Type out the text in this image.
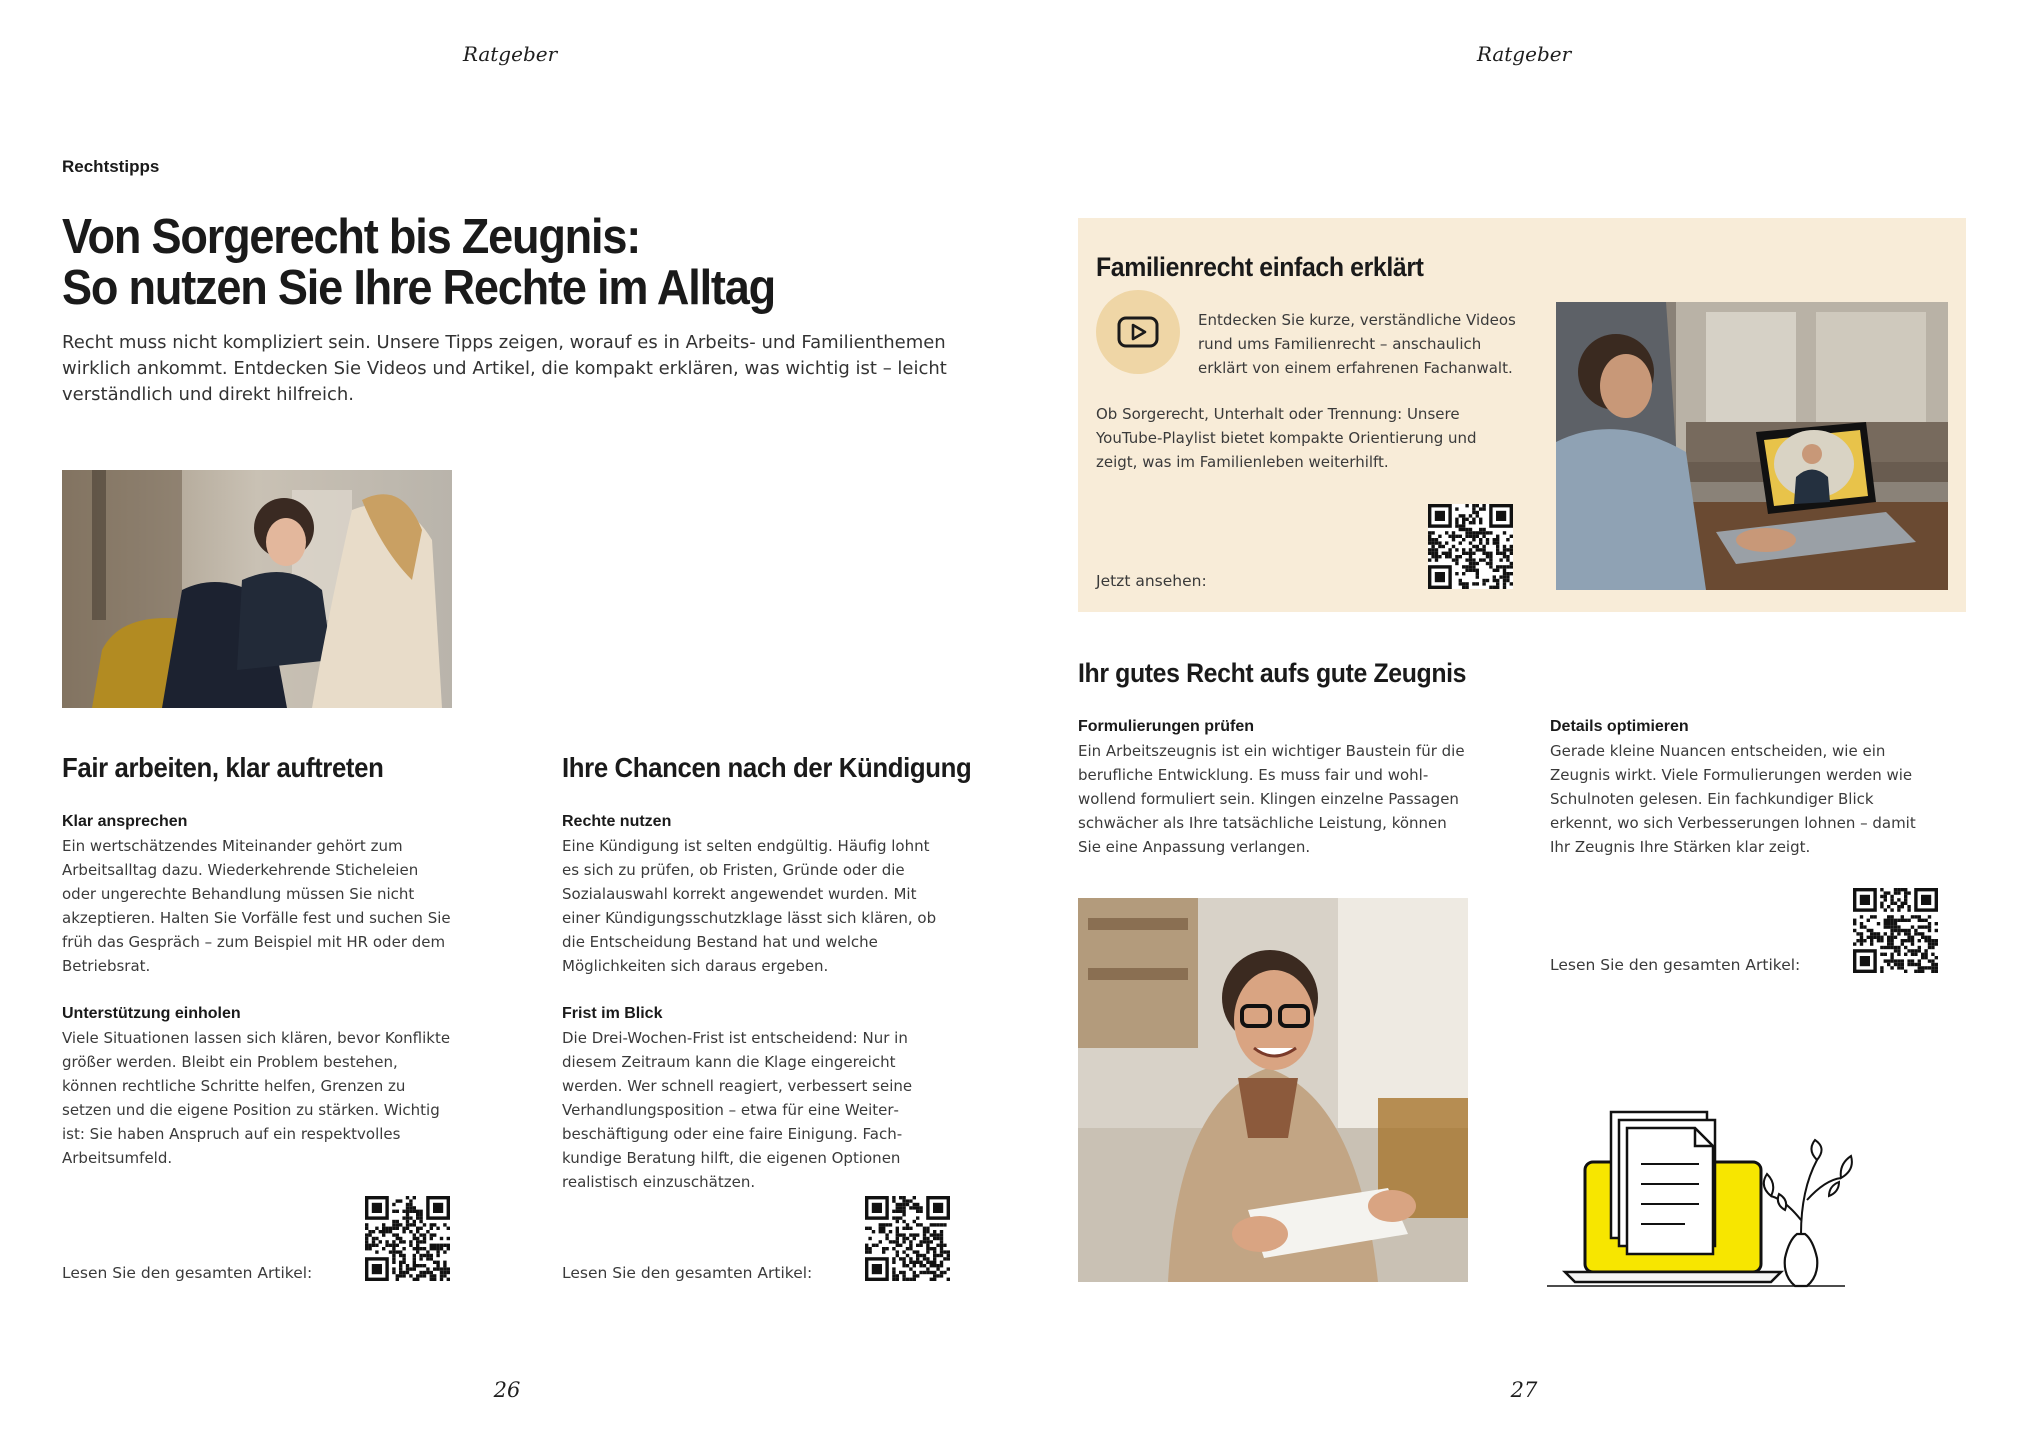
Ratgeber	Ratgeber
26	27
Rechtstipps
Von Sorgerecht bis Zeugnis:
So nutzen Sie Ihre Rechte im Alltag
Recht muss nicht kompliziert sein. Unsere Tipps zeigen, worauf es in Arbeits- und Familienthemen wirklich ankommt. Entdecken Sie Videos und Artikel, die kompakt erklären, was wichtig ist – leicht verständlich und direkt hilfreich.
Fair arbeiten, klar auftreten
Klar ansprechen
Ein wertschätzendes Miteinander gehört zum Arbeitsalltag dazu. Wiederkehrende Sticheleien oder ungerechte Behandlung müssen Sie nicht akzeptieren. Halten Sie Vorfälle fest und suchen Sie früh das Gespräch – zum Beispiel mit HR oder dem Betriebsrat.
Unterstützung einholen
Viele Situationen lassen sich klären, bevor Konflikte größer werden. Bleibt ein Problem bestehen, können rechtliche Schritte helfen, Grenzen zu setzen und die eigene Position zu stärken. Wichtig ist: Sie haben Anspruch auf ein respektvolles Arbeitsumfeld.
Lesen Sie den gesamten Artikel:
Ihre Chancen nach der Kündigung
Rechte nutzen
Eine Kündigung ist selten endgültig. Häufig lohnt es sich zu prüfen, ob Fristen, Gründe oder die Sozialauswahl korrekt angewendet wurden. Mit einer Kündigungsschutzklage lässt sich klären, ob die Entscheidung Bestand hat und welche Möglichkeiten sich daraus ergeben.
Frist im Blick
Die Drei-Wochen-Frist ist entscheidend: Nur in diesem Zeitraum kann die Klage eingereicht werden. Wer schnell reagiert, verbessert seine Verhandlungsposition – etwa für eine Weiterbeschäftigung oder eine faire Einigung. Fachkundige Beratung hilft, die eigenen Optionen realistisch einzuschätzen.
Lesen Sie den gesamten Artikel:
Familienrecht einfach erklärt
Entdecken Sie kurze, verständliche Videos rund ums Familienrecht – anschaulich erklärt von einem erfahrenen Fachanwalt.
Ob Sorgerecht, Unterhalt oder Trennung: Unsere YouTube-Playlist bietet kompakte Orientierung und zeigt, was im Familienleben weiterhilft.
Jetzt ansehen:
Ihr gutes Recht aufs gute Zeugnis
Formulierungen prüfen
Ein Arbeitszeugnis ist ein wichtiger Baustein für die berufliche Entwicklung. Es muss fair und wohlwollend formuliert sein. Klingen einzelne Passagen schwächer als Ihre tatsächliche Leistung, können Sie eine Anpassung verlangen.
Details optimieren
Gerade kleine Nuancen entscheiden, wie ein Zeugnis wirkt. Viele Formulierungen werden wie Schulnoten gelesen. Ein fachkundiger Blick erkennt, wo sich Verbesserungen lohnen – damit Ihr Zeugnis Ihre Stärken klar zeigt.
Lesen Sie den gesamten Artikel:
